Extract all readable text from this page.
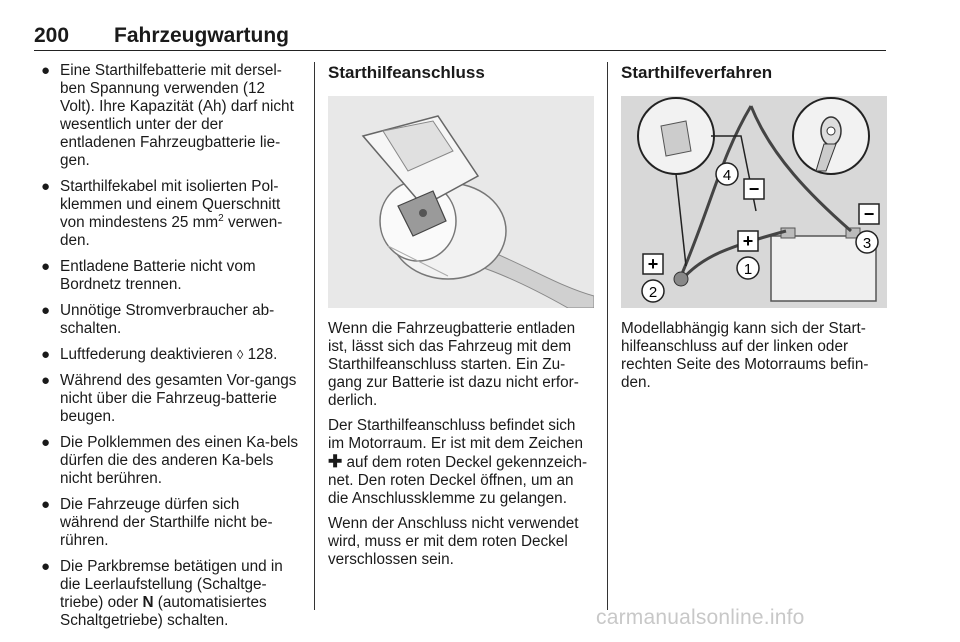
200 Fahrzeugwartung
● Eine Starthilfebatterie mit dersel-ben Spannung verwenden (12 Volt). Ihre Kapazität (Ah) darf nicht wesentlich unter der der entladenen Fahrzeugbatterie lie-gen.
● Starthilfekabel mit isolierten Pol-klemmen und einem Querschnitt von mindestens 25 $mm^2$ verwen-den.
● Entladene Batterie nicht vom Bordnetz trennen.
● Unnötige Stromverbraucher ab-schalten.
● Luftfederung deaktivieren ◊ 128.
● Während des gesamten Vor-gangs nicht über die Fahrzeug-batterie beugen.
● Die Polklemmen des einen Ka-bels dürfen die des anderen Ka-bels nicht berühren.
● Die Fahrzeuge dürfen sich während der Starthilfe nicht be-rühren.
● Die Parkbremse betätigen und in die Leerlaufstellung (Schaltge-triebe) oder N (automatisiertes Schaltgetriebe) schalten.
Starthilfeanschluss

Wenn die Fahrzeugbatterie entladen ist, lässt sich das Fahrzeug mit dem Starthilfeanschluss starten. Ein Zu-gang zur Batterie ist dazu nicht erfor-derlich.

Der Starthilfeanschluss befindet sich im Motorraum. Er ist mit dem Zeichen ✚ auf dem roten Deckel gekennzeich-net. Den roten Deckel öffnen, um an die Anschlussklemme zu gelangen.

Wenn der Anschluss nicht verwendet wird, muss er mit dem roten Deckel verschlossen sein.

Starthilfeverfahren
−
−
+
+
4
1
2
3

Modellabhängig kann sich der Start-hilfeanschluss auf der linken oder rechten Seite des Motorraums befin-den.

carmanualsonline.info
